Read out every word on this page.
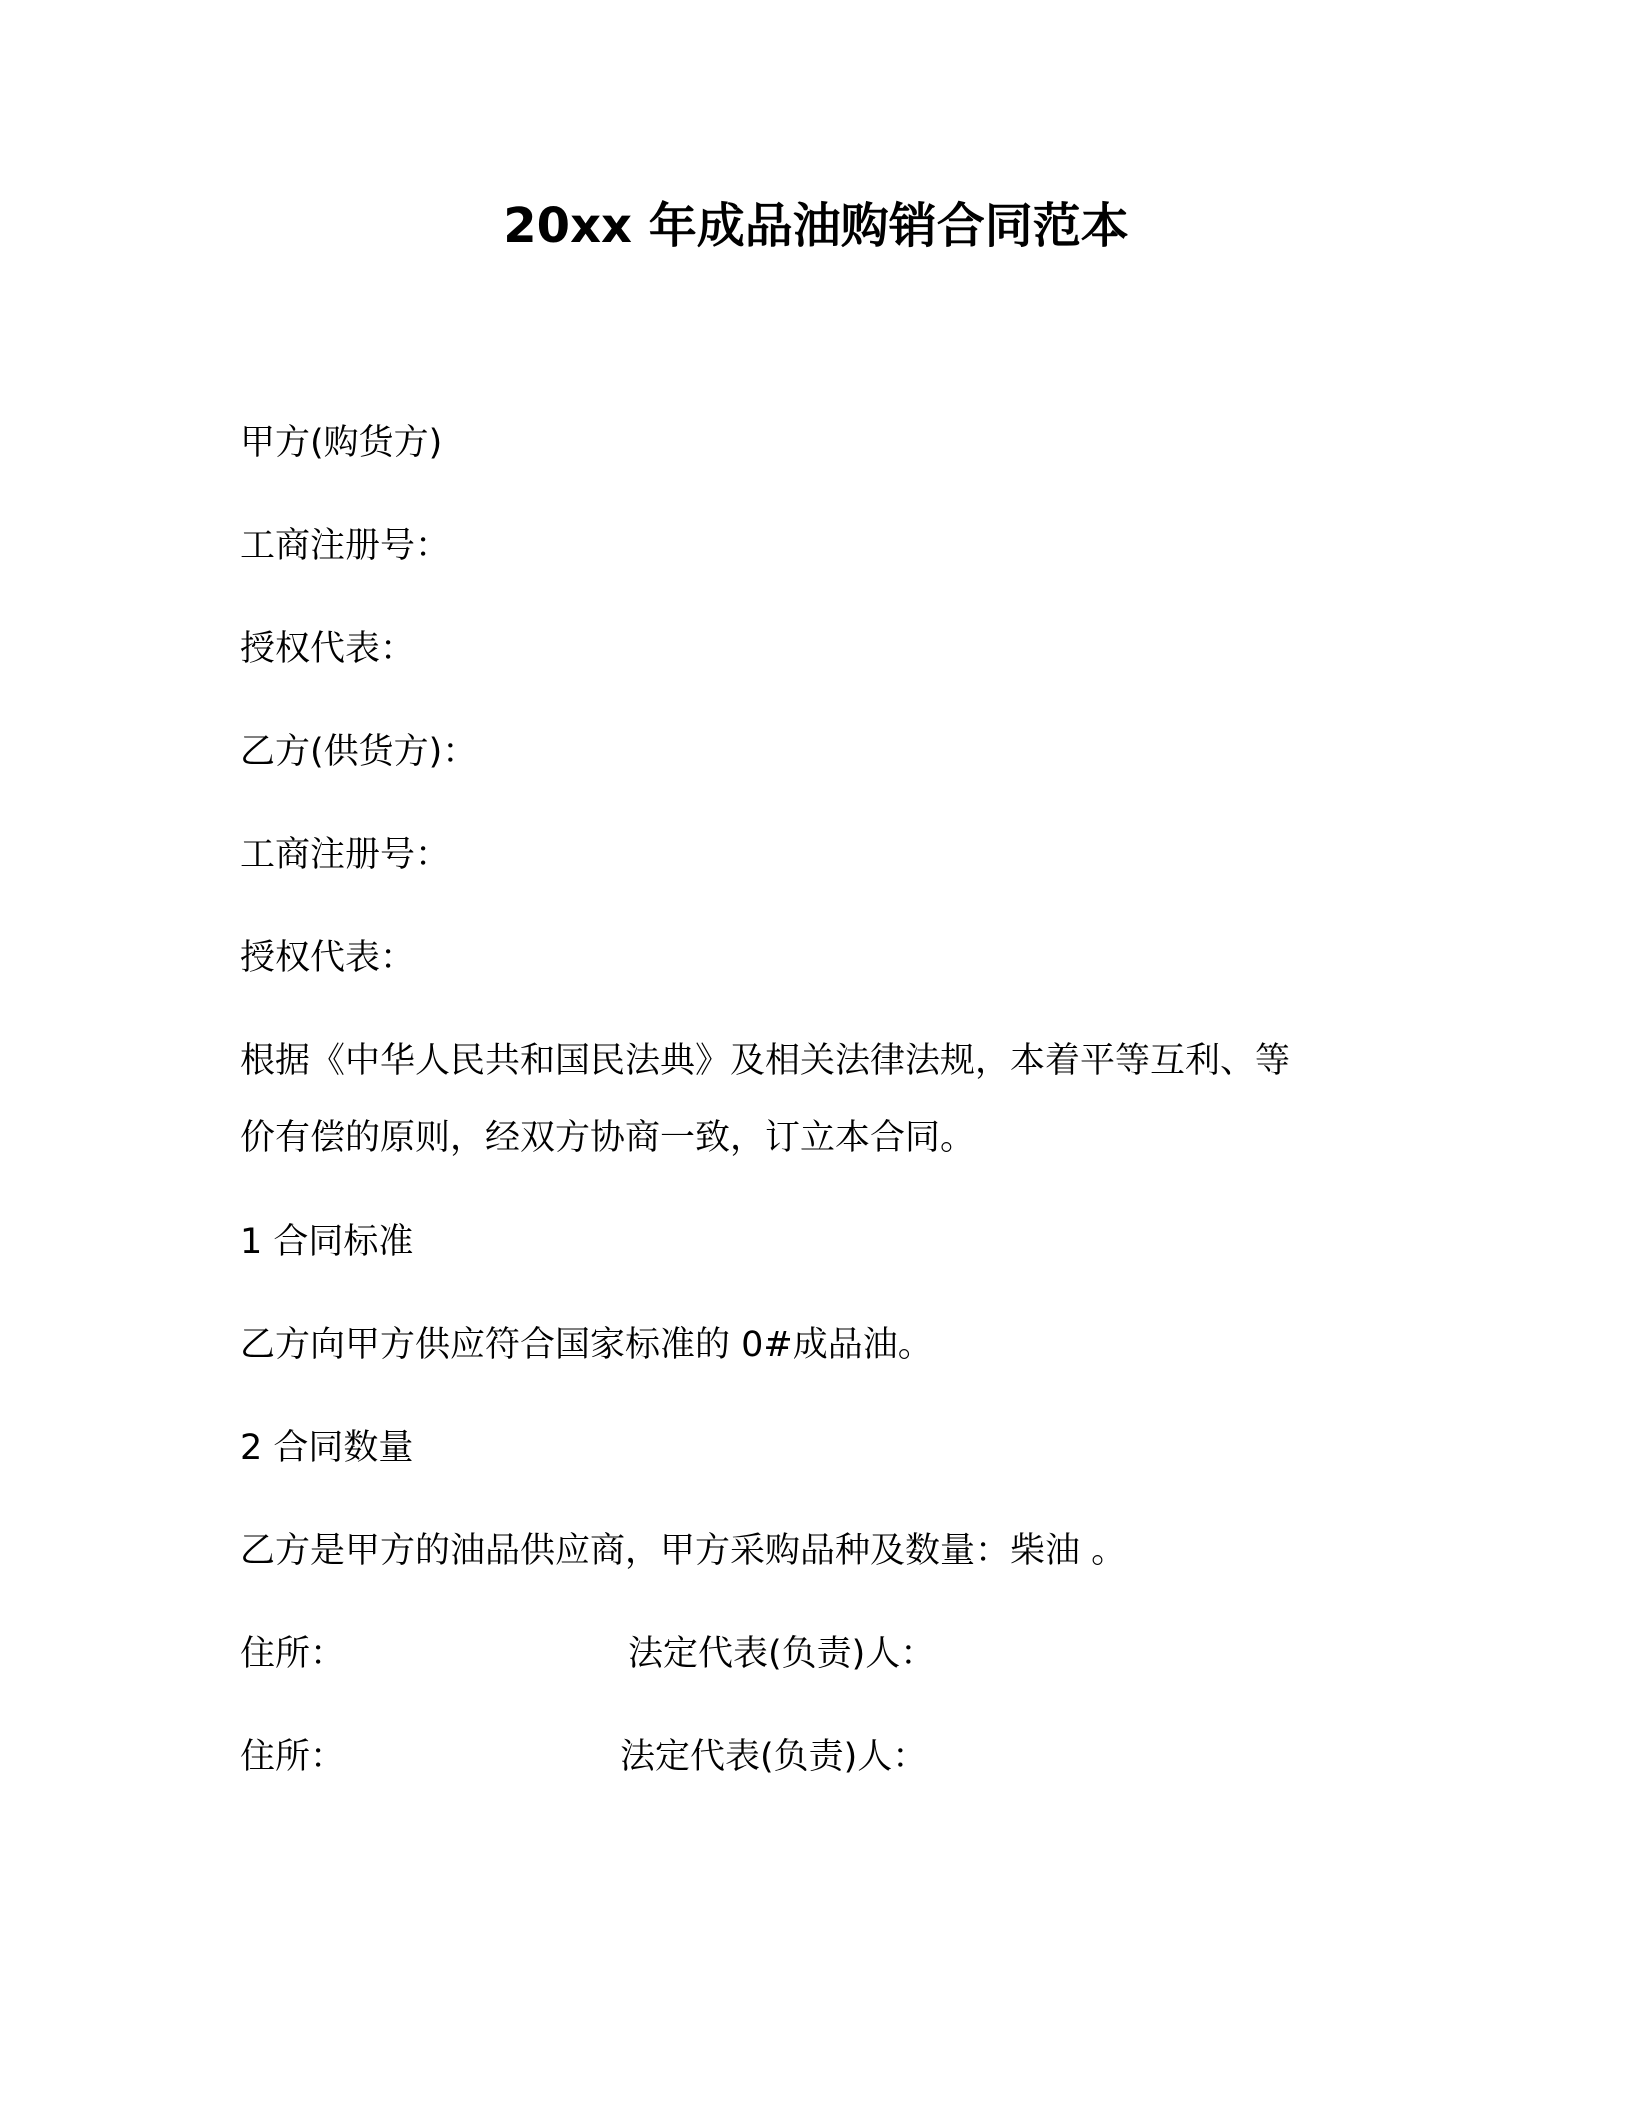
20xx 年成品油购销合同范本
甲方(购货方)
工商注册号：
授权代表：
乙方(供货方)：
工商注册号：
授权代表：
根据《中华人民共和国民法典》及相关法律法规，本着平等互利、等
价有偿的原则，经双方协商一致，订立本合同。
1 合同标准
乙方向甲方供应符合国家标准的 0#成品油。
2 合同数量
乙方是甲方的油品供应商，甲方采购品种及数量：柴油 。
住所：	法定代表(负责)人：
住所：	法定代表(负责)人：
